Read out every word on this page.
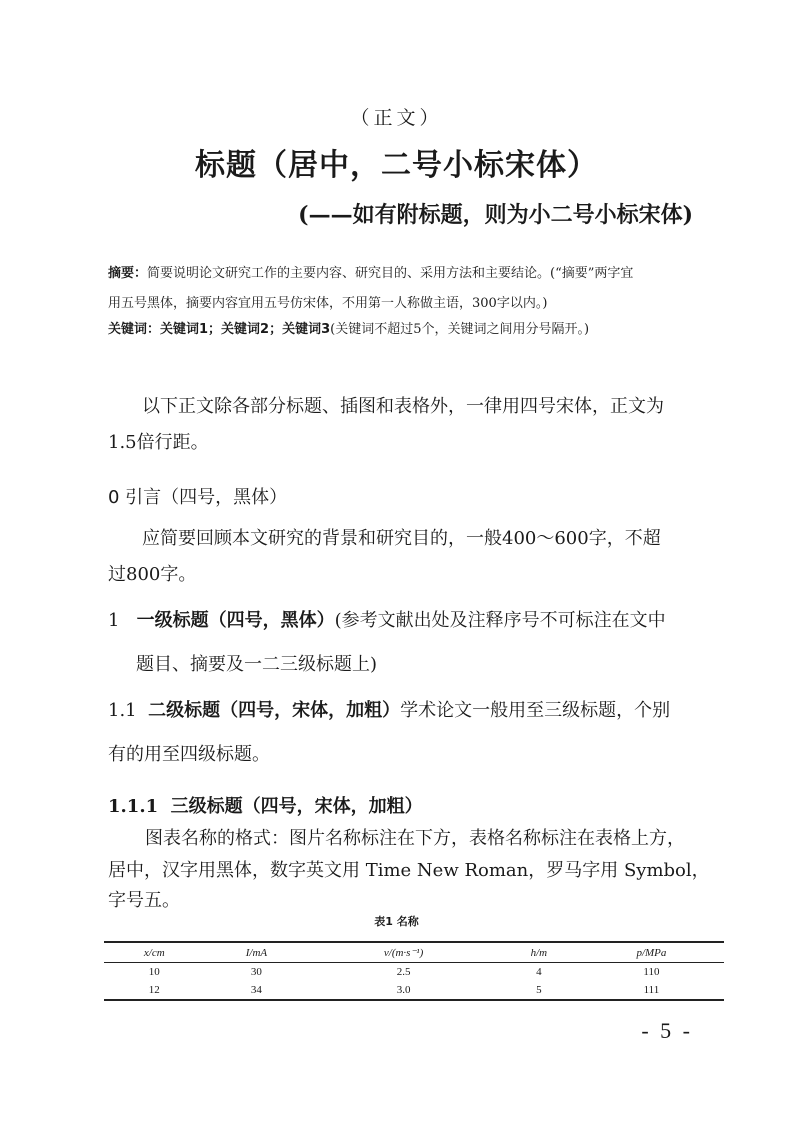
（正文）
标题（居中，二号小标宋体）
(——如有附标题，则为小二号小标宋体)
摘要：简要说明论文研究工作的主要内容、研究目的、采用方法和主要结论。(“摘要”两字宜
用五号黑体，摘要内容宜用五号仿宋体，不用第一人称做主语，300字以内。)
关键词：关键词1；关键词2；关键词3(关键词不超过5个，关键词之间用分号隔开。)
以下正文除各部分标题、插图和表格外，一律用四号宋体，正文为
1.5倍行距。
0 引言（四号，黑体）
应简要回顾本文研究的背景和研究目的，一般400～600字，不超
过800字。
1 一级标题（四号，黑体）(参考文献出处及注释序号不可标注在文中
题目、摘要及一二三级标题上)
1.1 二级标题（四号，宋体，加粗）学术论文一般用至三级标题，个别
有的用至四级标题。
1.1.1 三级标题（四号，宋体，加粗）
图表名称的格式：图片名称标注在下方，表格名称标注在表格上方，
居中，汉字用黑体，数字英文用 Time New Roman，罗马字用 Symbol，
字号五。
表1 名称
x/cm	I/mA	v/(m·s⁻¹)	h/m	p/MPa
10	30	2.5	4	110
12	34	3.0	5	111
- 5 -
